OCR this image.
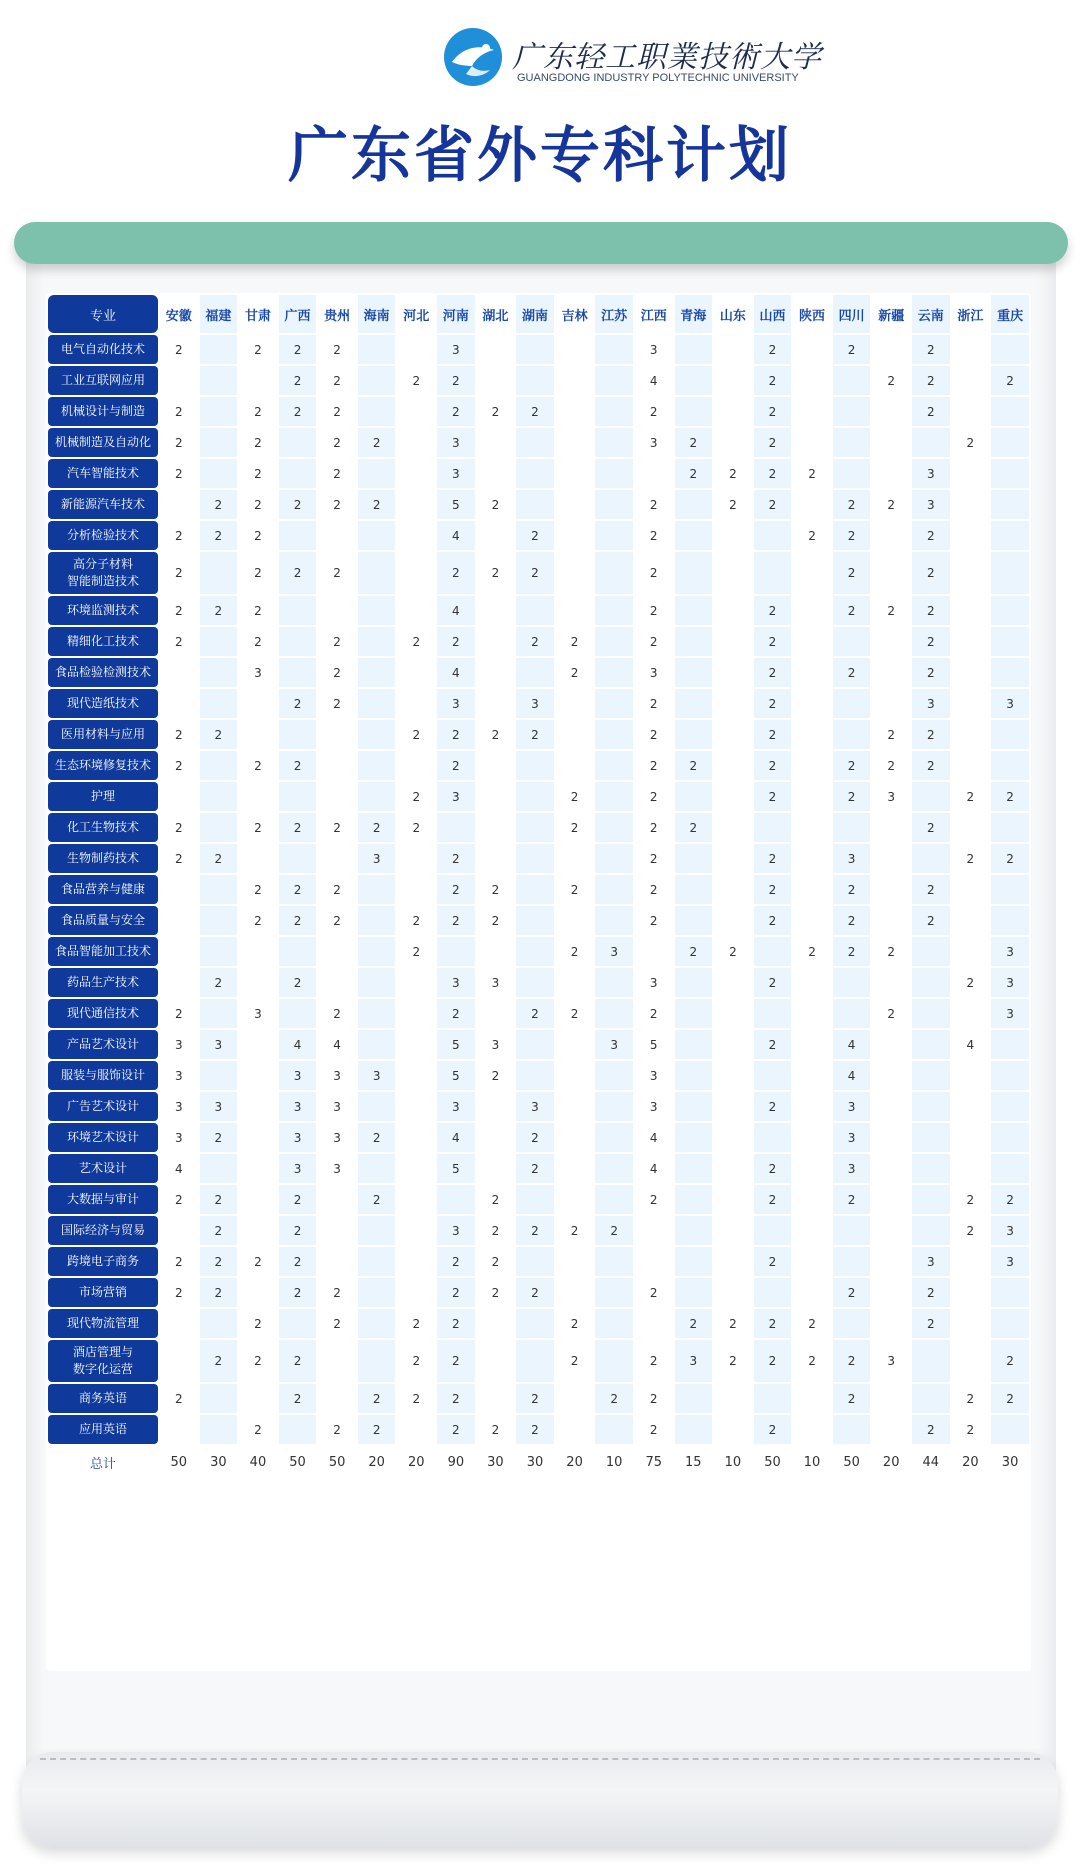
广东轻工职業技術大学
GUANGDONG INDUSTRY POLYTECHNIC UNIVERSITY
广东省外专科计划
专业	安徽	福建	甘肃	广西	贵州	海南	河北	河南	湖北	湖南	吉林	江苏	江西	青海	山东	山西	陕西	四川	新疆	云南	浙江	重庆
电气自动化技术	2		2	2	2			3					3			2		2		2		
工业互联网应用				2	2		2	2					4			2			2	2		2
机械设计与制造	2		2	2	2			2	2	2			2			2				2		
机械制造及自动化	2		2		2	2		3					3	2		2					2	
汽车智能技术	2		2		2			3						2	2	2	2			3		
新能源汽车技术		2	2	2	2	2		5	2				2		2	2		2	2	3		
分析检验技术	2	2	2					4		2			2				2	2		2		
高分子材料
智能制造技术	2		2	2	2			2	2	2			2					2		2		
环境监测技术	2	2	2					4					2			2		2	2	2		
精细化工技术	2		2		2		2	2		2	2		2			2				2		
食品检验检测技术			3		2			4			2		3			2		2		2		
现代造纸技术				2	2			3		3			2			2				3		3
医用材料与应用	2	2					2	2	2	2			2			2			2	2		
生态环境修复技术	2		2	2				2					2	2		2		2	2	2		
护理							2	3			2		2			2		2	3		2	2
化工生物技术	2		2	2	2	2	2				2		2	2						2		
生物制药技术	2	2				3		2					2			2		3			2	2
食品营养与健康			2	2	2			2	2		2		2			2		2		2		
食品质量与安全			2	2	2		2	2	2				2			2		2		2		
食品智能加工技术							2				2	3		2	2		2	2	2			3
药品生产技术		2		2				3	3				3			2					2	3
现代通信技术	2		3		2			2		2	2		2						2			3
产品艺术设计	3	3		4	4			5	3			3	5			2		4			4	
服装与服饰设计	3			3	3	3		5	2				3					4				
广告艺术设计	3	3		3	3			3		3			3			2		3				
环境艺术设计	3	2		3	3	2		4		2			4					3				
艺术设计	4			3	3			5		2			4			2		3				
大数据与审计	2	2		2		2			2				2			2		2			2	2
国际经济与贸易		2		2				3	2	2	2	2									2	3
跨境电子商务	2	2	2	2				2	2							2				3		3
市场营销	2	2		2	2			2	2	2			2					2		2		
现代物流管理			2		2		2	2			2			2	2	2	2			2		
酒店管理与
数字化运营		2	2	2			2	2			2		2	3	2	2	2	2	3			2
商务英语	2			2		2	2	2		2		2	2					2			2	2
应用英语			2		2	2		2	2	2			2			2				2	2	
总计	50	30	40	50	50	20	20	90	30	30	20	10	75	15	10	50	10	50	20	44	20	30
